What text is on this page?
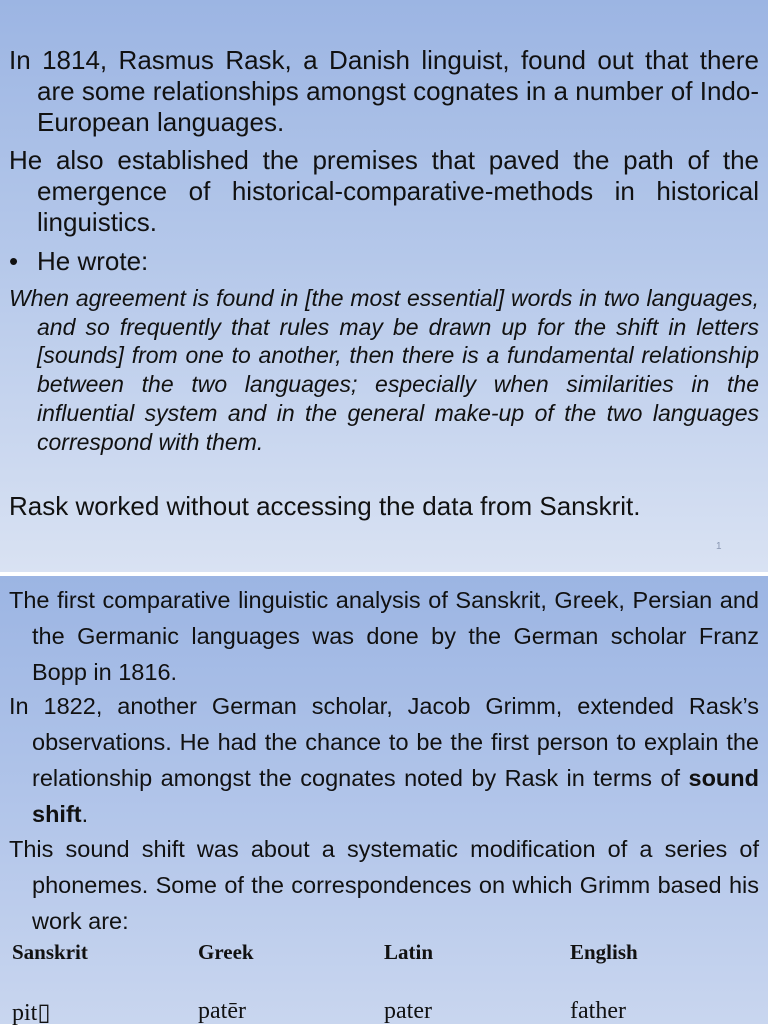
In 1814, Rasmus Rask, a Danish linguist, found out that there are some relationships amongst cognates in a number of Indo-European languages.

He also established the premises that paved the path of the emergence of historical-comparative-methods in historical linguistics.

• He wrote:

When agreement is found in [the most essential] words in two languages, and so frequently that rules may be drawn up for the shift in letters [sounds] from one to another, then there is a fundamental relationship between the two languages; especially when similarities in the influential system and in the general make-up of the two languages correspond with them.

Rask worked without accessing the data from Sanskrit.

1

The first comparative linguistic analysis of Sanskrit, Greek, Persian and the Germanic languages was done by the German scholar Franz Bopp in 1816.

In 1822, another German scholar, Jacob Grimm, extended Rask’s observations. He had the chance to be the first person to explain the relationship amongst the cognates noted by Rask in terms of sound shift.

This sound shift was about a systematic modification of a series of phonemes. Some of the correspondences on which Grimm based his work are:

Sanskrit	Greek	Latin	English
pit▯	patēr	pater	father
